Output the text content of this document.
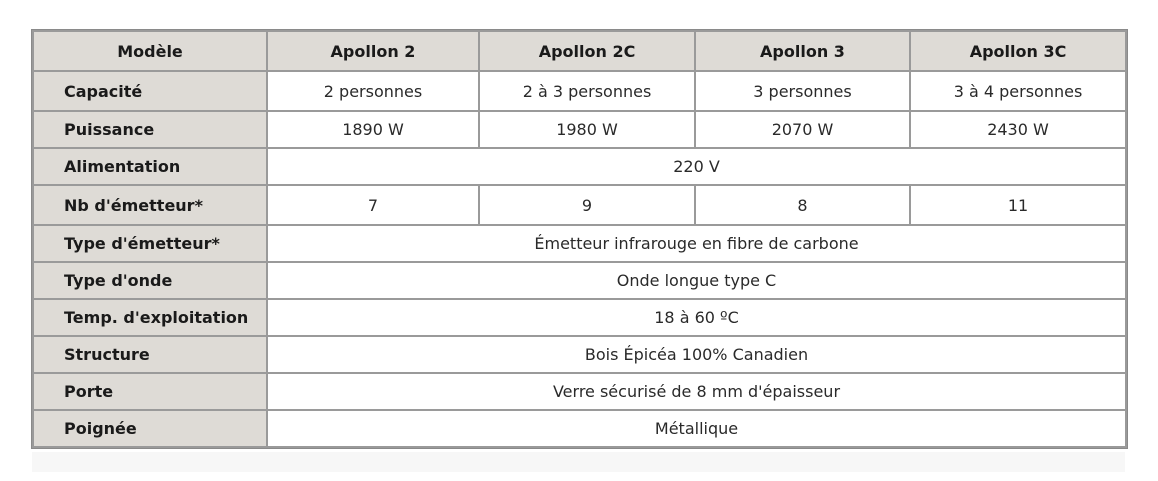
Modèle	Apollon 2	Apollon 2C	Apollon 3	Apollon 3C
Capacité	2 personnes	2 à 3 personnes	3 personnes	3 à 4 personnes
Puissance	1890 W	1980 W	2070 W	2430 W
Alimentation	220 V			
Nb d'émetteur*	7	9	8	11
Type d'émetteur*	Émetteur infrarouge en fibre de carbone			
Type d'onde	Onde longue type C			
Temp. d'exploitation	18 à 60 ºC			
Structure	Bois Épicéa 100% Canadien			
Porte	Verre sécurisé de 8 mm d'épaisseur			
Poignée	Métallique			
